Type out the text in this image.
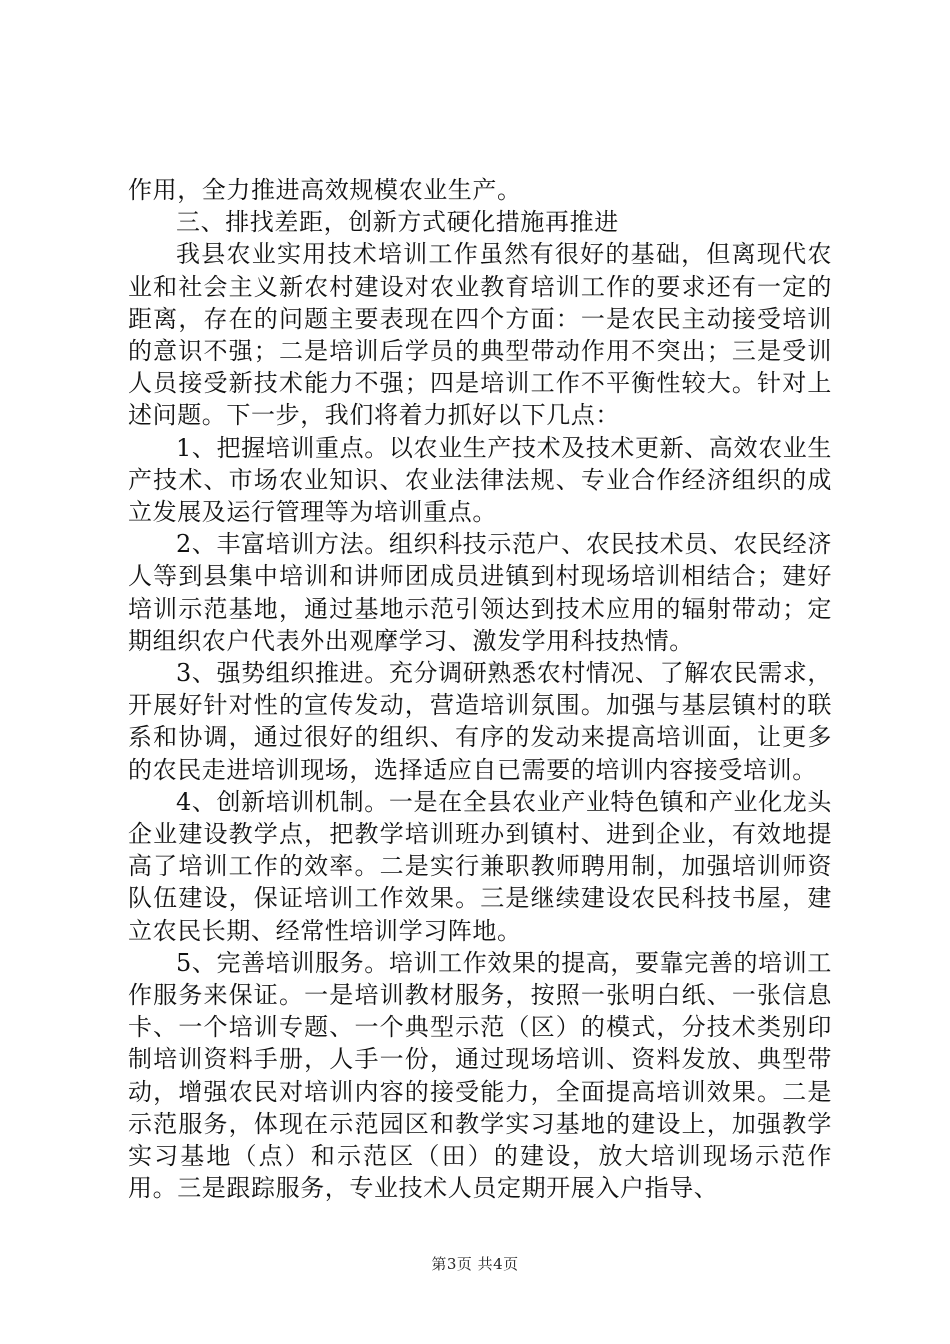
作用，全力推进高效规模农业生产。

三、排找差距，创新方式硬化措施再推进

我县农业实用技术培训工作虽然有很好的基础，但离现代农业和社会主义新农村建设对农业教育培训工作的要求还有一定的距离，存在的问题主要表现在四个方面：一是农民主动接受培训的意识不强；二是培训后学员的典型带动作用不突出；三是受训人员接受新技术能力不强；四是培训工作不平衡性较大。针对上述问题。下一步，我们将着力抓好以下几点：

1、把握培训重点。以农业生产技术及技术更新、高效农业生产技术、市场农业知识、农业法律法规、专业合作经济组织的成立发展及运行管理等为培训重点。

2、丰富培训方法。组织科技示范户、农民技术员、农民经济人等到县集中培训和讲师团成员进镇到村现场培训相结合；建好培训示范基地，通过基地示范引领达到技术应用的辐射带动；定期组织农户代表外出观摩学习、激发学用科技热情。

3、强势组织推进。充分调研熟悉农村情况、了解农民需求，开展好针对性的宣传发动，营造培训氛围。加强与基层镇村的联系和协调，通过很好的组织、有序的发动来提高培训面，让更多的农民走进培训现场，选择适应自已需要的培训内容接受培训。

4、创新培训机制。一是在全县农业产业特色镇和产业化龙头企业建设教学点，把教学培训班办到镇村、进到企业，有效地提高了培训工作的效率。二是实行兼职教师聘用制，加强培训师资队伍建设，保证培训工作效果。三是继续建设农民科技书屋，建立农民长期、经常性培训学习阵地。

5、完善培训服务。培训工作效果的提高，要靠完善的培训工作服务来保证。一是培训教材服务，按照一张明白纸、一张信息卡、一个培训专题、一个典型示范（区）的模式，分技术类别印制培训资料手册，人手一份，通过现场培训、资料发放、典型带动，增强农民对培训内容的接受能力，全面提高培训效果。二是示范服务，体现在示范园区和教学实习基地的建设上，加强教学实习基地（点）和示范区（田）的建设，放大培训现场示范作用。三是跟踪服务，专业技术人员定期开展入户指导、

第3页 共4页
